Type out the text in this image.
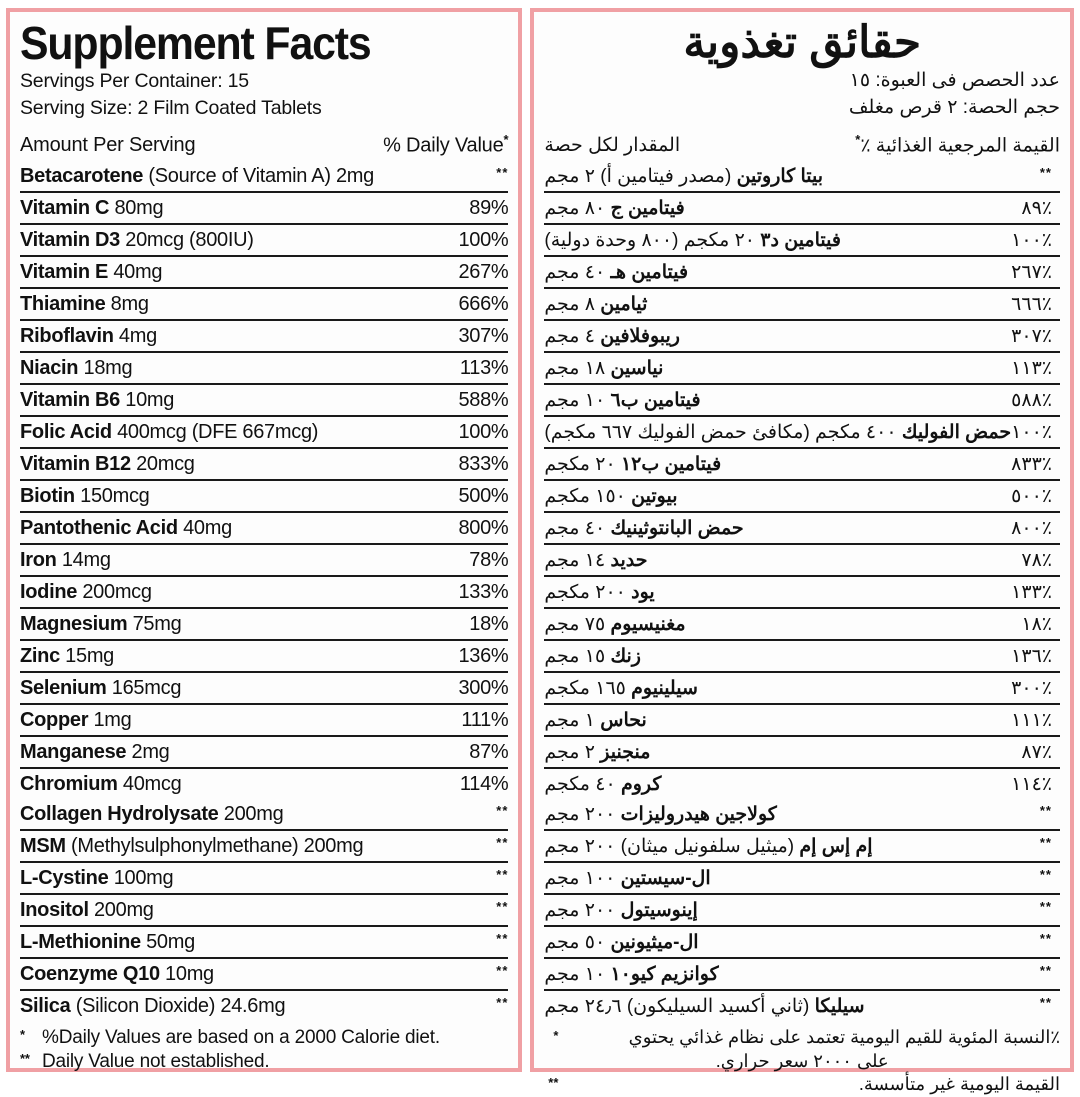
Supplement Facts
Servings Per Container: 15
Serving Size: 2 Film Coated Tablets
Amount Per Serving	% Daily Value*
Betacarotene (Source of Vitamin A) 2mg	**
Vitamin C 80mg	89%
Vitamin D3 20mcg (800IU)	100%
Vitamin E 40mg	267%
Thiamine 8mg	666%
Riboflavin 4mg	307%
Niacin 18mg	113%
Vitamin B6 10mg	588%
Folic Acid 400mcg (DFE 667mcg)	100%
Vitamin B12 20mcg	833%
Biotin 150mcg	500%
Pantothenic Acid 40mg	800%
Iron 14mg	78%
Iodine 200mcg	133%
Magnesium 75mg	18%
Zinc 15mg	136%
Selenium 165mcg	300%
Copper 1mg	111%
Manganese 2mg	87%
Chromium 40mcg	114%
Collagen Hydrolysate 200mg	**
MSM (Methylsulphonylmethane) 200mg	**
L-Cystine 100mg	**
Inositol 200mg	**
L-Methionine 50mg	**
Coenzyme Q10 10mg	**
Silica (Silicon Dioxide) 24.6mg	**
* %Daily Values are based on a 2000 Calorie diet.
** Daily Value not established.
حقائق تغذوية
عدد الحصص فى العبوة: ١٥
حجم الحصة: ٢ قرص مغلف
المقدار لكل حصة	القيمة المرجعية الغذائية ٪*
بيتا كاروتين (مصدر فيتامين أ) ٢ مجم	**
فيتامين ج ٨٠ مجم	٪٨٩
فيتامين د٣ ٢٠ مكجم (٨٠٠ وحدة دولية)	٪١٠٠
فيتامين هـ ٤٠ مجم	٪٢٦٧
ثيامين ٨ مجم	٪٦٦٦
ريبوفلافين ٤ مجم	٪٣٠٧
نياسين ١٨ مجم	٪١١٣
فيتامين ب٦ ١٠ مجم	٪٥٨٨
حمض الفوليك ٤٠٠ مكجم (مكافئ حمض الفوليك ٦٦٧ مكجم)	٪١٠٠
فيتامين ب١٢ ٢٠ مكجم	٪٨٣٣
بيوتين ١٥٠ مكجم	٪٥٠٠
حمض البانتوثينيك ٤٠ مجم	٪٨٠٠
حديد ١٤ مجم	٪٧٨
يود ٢٠٠ مكجم	٪١٣٣
مغنيسيوم ٧٥ مجم	٪١٨
زنك ١٥ مجم	٪١٣٦
سيلينيوم ١٦٥ مكجم	٪٣٠٠
نحاس ١ مجم	٪١١١
منجنيز ٢ مجم	٪٨٧
كروم ٤٠ مكجم	٪١١٤
كولاجين هيدروليزات ٢٠٠ مجم	**
إم إس إم (ميثيل سلفونيل ميثان) ٢٠٠ مجم	**
ال-سيستين ١٠٠ مجم	**
إينوسيتول ٢٠٠ مجم	**
ال-ميثيونين ٥٠ مجم	**
كوانزيم كيو١٠ ١٠ مجم	**
سيليكا (ثاني أكسيد السيليكون) ٢٤٫٦ مجم	**
*	٪النسبة المئوية للقيم اليومية تعتمد على نظام غذائي يحتوي
على ٢٠٠٠ سعر حراري.
**	القيمة اليومية غير متأسسة.
